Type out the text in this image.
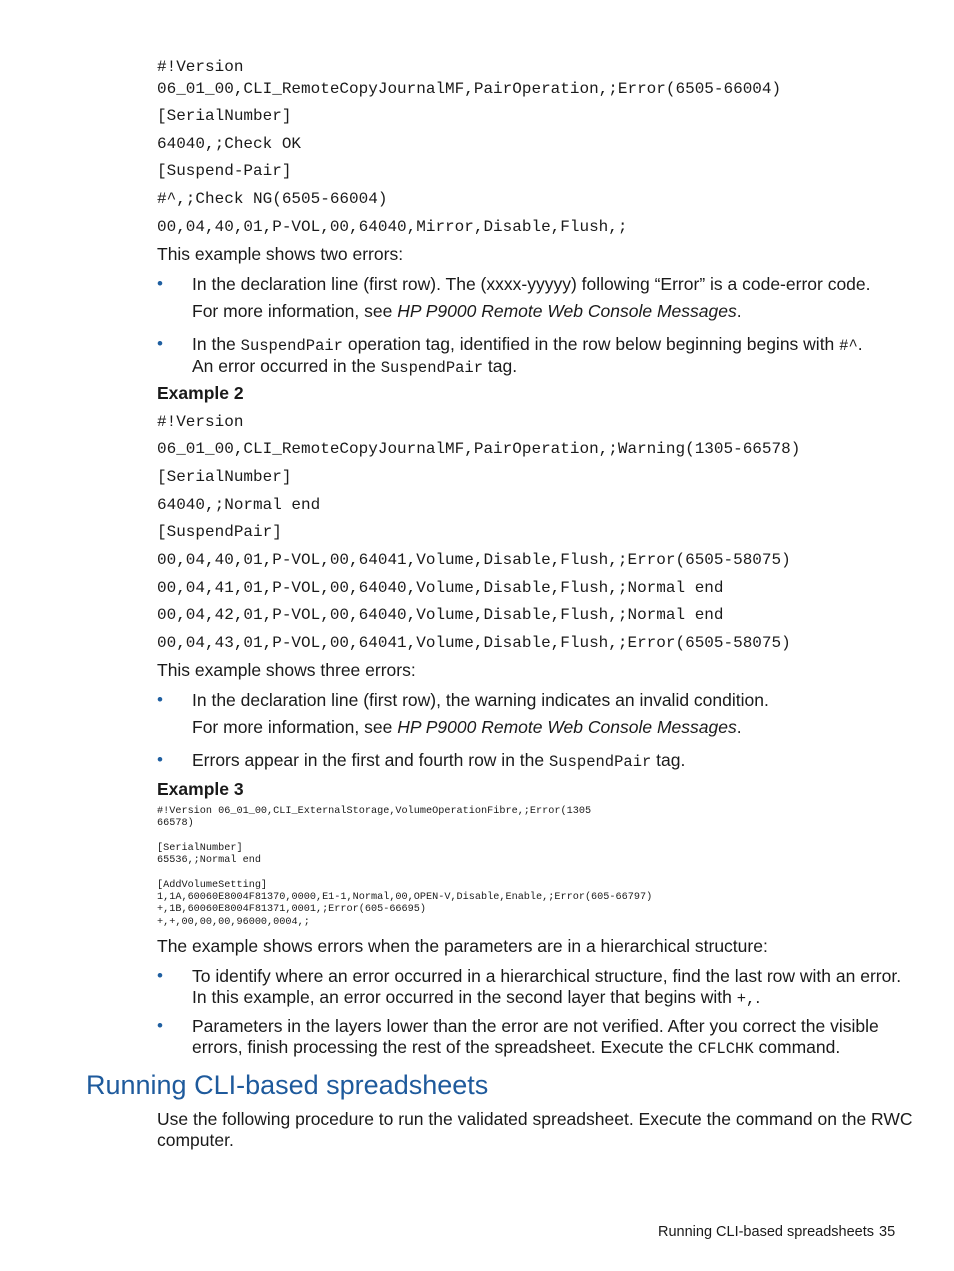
#!Version
06_01_00,CLI_RemoteCopyJournalMF,PairOperation,;Error(6505-66004)
[SerialNumber]
64040,;Check OK
[Suspend-Pair]
#^,;Check NG(6505-66004)
00,04,40,01,P-VOL,00,64040,Mirror,Disable,Flush,;
This example shows two errors:
• In the declaration line (first row). The (xxxx-yyyyy) following “Error” is a code-error code.
For more information, see HP P9000 Remote Web Console Messages.
• In the SuspendPair operation tag, identified in the row below beginning begins with #^.
An error occurred in the SuspendPair tag.
Example 2
#!Version
06_01_00,CLI_RemoteCopyJournalMF,PairOperation,;Warning(1305-66578)
[SerialNumber]
64040,;Normal end
[SuspendPair]
00,04,40,01,P-VOL,00,64041,Volume,Disable,Flush,;Error(6505-58075)
00,04,41,01,P-VOL,00,64040,Volume,Disable,Flush,;Normal end
00,04,42,01,P-VOL,00,64040,Volume,Disable,Flush,;Normal end
00,04,43,01,P-VOL,00,64041,Volume,Disable,Flush,;Error(6505-58075)
This example shows three errors:
• In the declaration line (first row), the warning indicates an invalid condition.
For more information, see HP P9000 Remote Web Console Messages.
• Errors appear in the first and fourth row in the SuspendPair tag.
Example 3
#!Version 06_01_00,CLI_ExternalStorage,VolumeOperationFibre,;Error(1305
66578)
[SerialNumber]
65536,;Normal end
[AddVolumeSetting]
1,1A,60060E8004F81370,0000,E1-1,Normal,00,OPEN-V,Disable,Enable,;Error(605-66797)
+,1B,60060E8004F81371,0001,;Error(605-66695)
+,+,00,00,00,96000,0004,;
The example shows errors when the parameters are in a hierarchical structure:
• To identify where an error occurred in a hierarchical structure, find the last row with an error.
In this example, an error occurred in the second layer that begins with +,.
• Parameters in the layers lower than the error are not verified. After you correct the visible
errors, finish processing the rest of the spreadsheet. Execute the CFLCHK command.
Running CLI-based spreadsheets
Use the following procedure to run the validated spreadsheet. Execute the command on the RWC
computer.
Running CLI-based spreadsheets 35
